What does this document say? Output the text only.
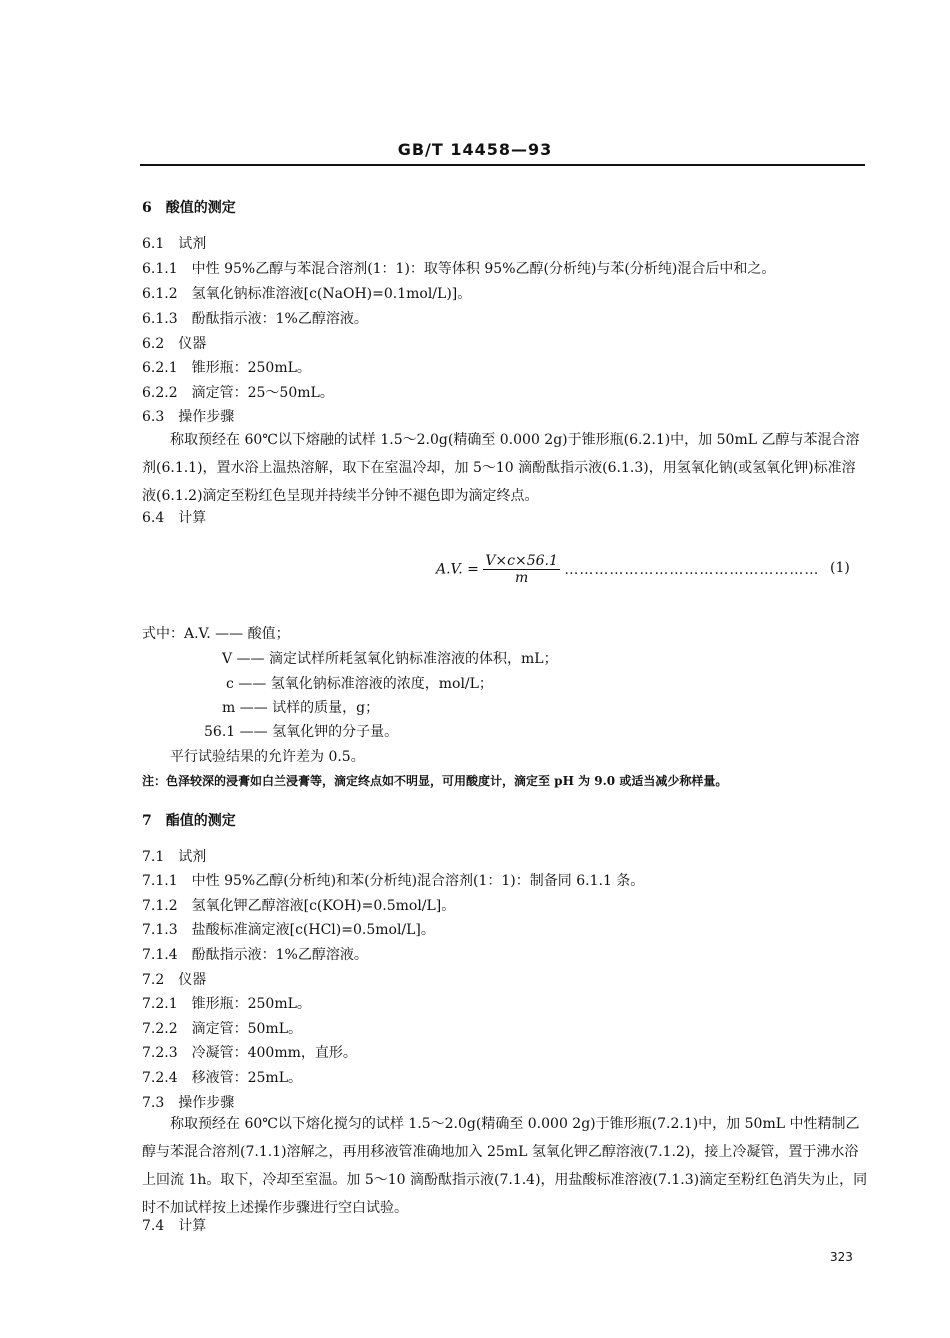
GB/T 14458—93
6　酸值的测定
6.1　试剂
6.1.1　中性 95%乙醇与苯混合溶剂(1：1)：取等体积 95%乙醇(分析纯)与苯(分析纯)混合后中和之。
6.1.2　氢氧化钠标准溶液[c(NaOH)=0.1mol/L)]。
6.1.3　酚酞指示液：1%乙醇溶液。
6.2　仪器
6.2.1　锥形瓶：250mL。
6.2.2　滴定管：25～50mL。
6.3　操作步骤
称取预经在 60℃以下熔融的试样 1.5～2.0g(精确至 0.000 2g)于锥形瓶(6.2.1)中，加 50mL 乙醇与苯混合溶剂(6.1.1)，置水浴上温热溶解，取下在室温冷却，加 5～10 滴酚酞指示液(6.1.3)，用氢氧化钠(或氢氧化钾)标准溶液(6.1.2)滴定至粉红色呈现并持续半分钟不褪色即为滴定终点。
6.4　计算
A.V. = $\frac{V\times c\times 56.1}{m}$ …………………………………………… (1)
式中：A.V. —— 酸值；
V —— 滴定试样所耗氢氧化钠标准溶液的体积，mL；
c —— 氢氧化钠标准溶液的浓度，mol/L；
m —— 试样的质量，g；
56.1 —— 氢氧化钾的分子量。
平行试验结果的允许差为 0.5。
注：色泽较深的浸膏如白兰浸膏等，滴定终点如不明显，可用酸度计，滴定至 pH 为 9.0 或适当减少称样量。
7　酯值的测定
7.1　试剂
7.1.1　中性 95%乙醇(分析纯)和苯(分析纯)混合溶剂(1：1)：制备同 6.1.1 条。
7.1.2　氢氧化钾乙醇溶液[c(KOH)=0.5mol/L]。
7.1.3　盐酸标准滴定液[c(HCl)=0.5mol/L]。
7.1.4　酚酞指示液：1%乙醇溶液。
7.2　仪器
7.2.1　锥形瓶：250mL。
7.2.2　滴定管：50mL。
7.2.3　冷凝管：400mm，直形。
7.2.4　移液管：25mL。
7.3　操作步骤
称取预经在 60℃以下熔化搅匀的试样 1.5～2.0g(精确至 0.000 2g)于锥形瓶(7.2.1)中，加 50mL 中性精制乙醇与苯混合溶剂(7.1.1)溶解之，再用移液管准确地加入 25mL 氢氧化钾乙醇溶液(7.1.2)，接上冷凝管，置于沸水浴上回流 1h。取下，冷却至室温。加 5～10 滴酚酞指示液(7.1.4)，用盐酸标准溶液(7.1.3)滴定至粉红色消失为止，同时不加试样按上述操作步骤进行空白试验。
7.4　计算
323
